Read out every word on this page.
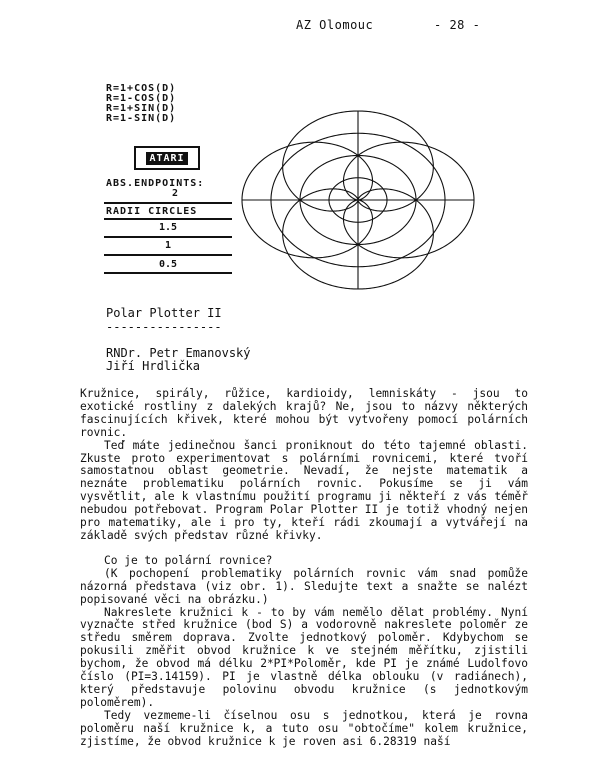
AZ Olomouc	- 28 -
R=1+COS(D)
R=1-COS(D)
R=1+SIN(D)
R=1-SIN(D)
ATARI
ABS.ENDPOINTS:
2
RADII CIRCLES
1.5
1
0.5
Polar Plotter II
----------------
RNDr. Petr Emanovský
Jiří Hrdlička

Kružnice, spirály, růžice, kardioidy, lemniskáty - jsou to exotické rostliny z dalekých krajů? Ne, jsou to názvy některých fascinujících křivek, které mohou být vytvořeny pomocí polárních rovnic.

Teď máte jedinečnou šanci proniknout do této tajemné oblasti. Zkuste proto experimentovat s polárními rovnicemi, které tvoří samostatnou oblast geometrie. Nevadí, že nejste matematik a neznáte problematiku polárních rovnic. Pokusíme se ji vám vysvětlit, ale k vlastnímu použití programu ji někteří z vás téměř nebudou potřebovat. Program Polar Plotter II je totiž vhodný nejen pro matematiky, ale i pro ty, kteří rádi zkoumají a vytvářejí na základě svých představ různé křivky.

Co je to polární rovnice?

(K pochopení problematiky polárních rovnic vám snad pomůže názorná představa (viz obr. 1). Sledujte text a snažte se nalézt popisované věci na obrázku.)

Nakreslete kružnici k - to by vám nemělo dělat problémy. Nyní vyznačte střed kružnice (bod S) a vodorovně nakreslete poloměr ze středu směrem doprava. Zvolte jednotkový poloměr. Kdybychom se pokusili změřit obvod kružnice k ve stejném měřítku, zjistili bychom, že obvod má délku 2*PI*Poloměr, kde PI je známé Ludolfovo číslo (PI=3.14159). PI je vlastně délka oblouku (v radiánech), který představuje polovinu obvodu kružnice (s jednotkovým poloměrem).

Tedy vezmeme-li číselnou osu s jednotkou, která je rovna poloměru naší kružnice k, a tuto osu "obtočíme" kolem kružnice, zjistíme, že obvod kružnice k je roven asi 6.28319 naší
